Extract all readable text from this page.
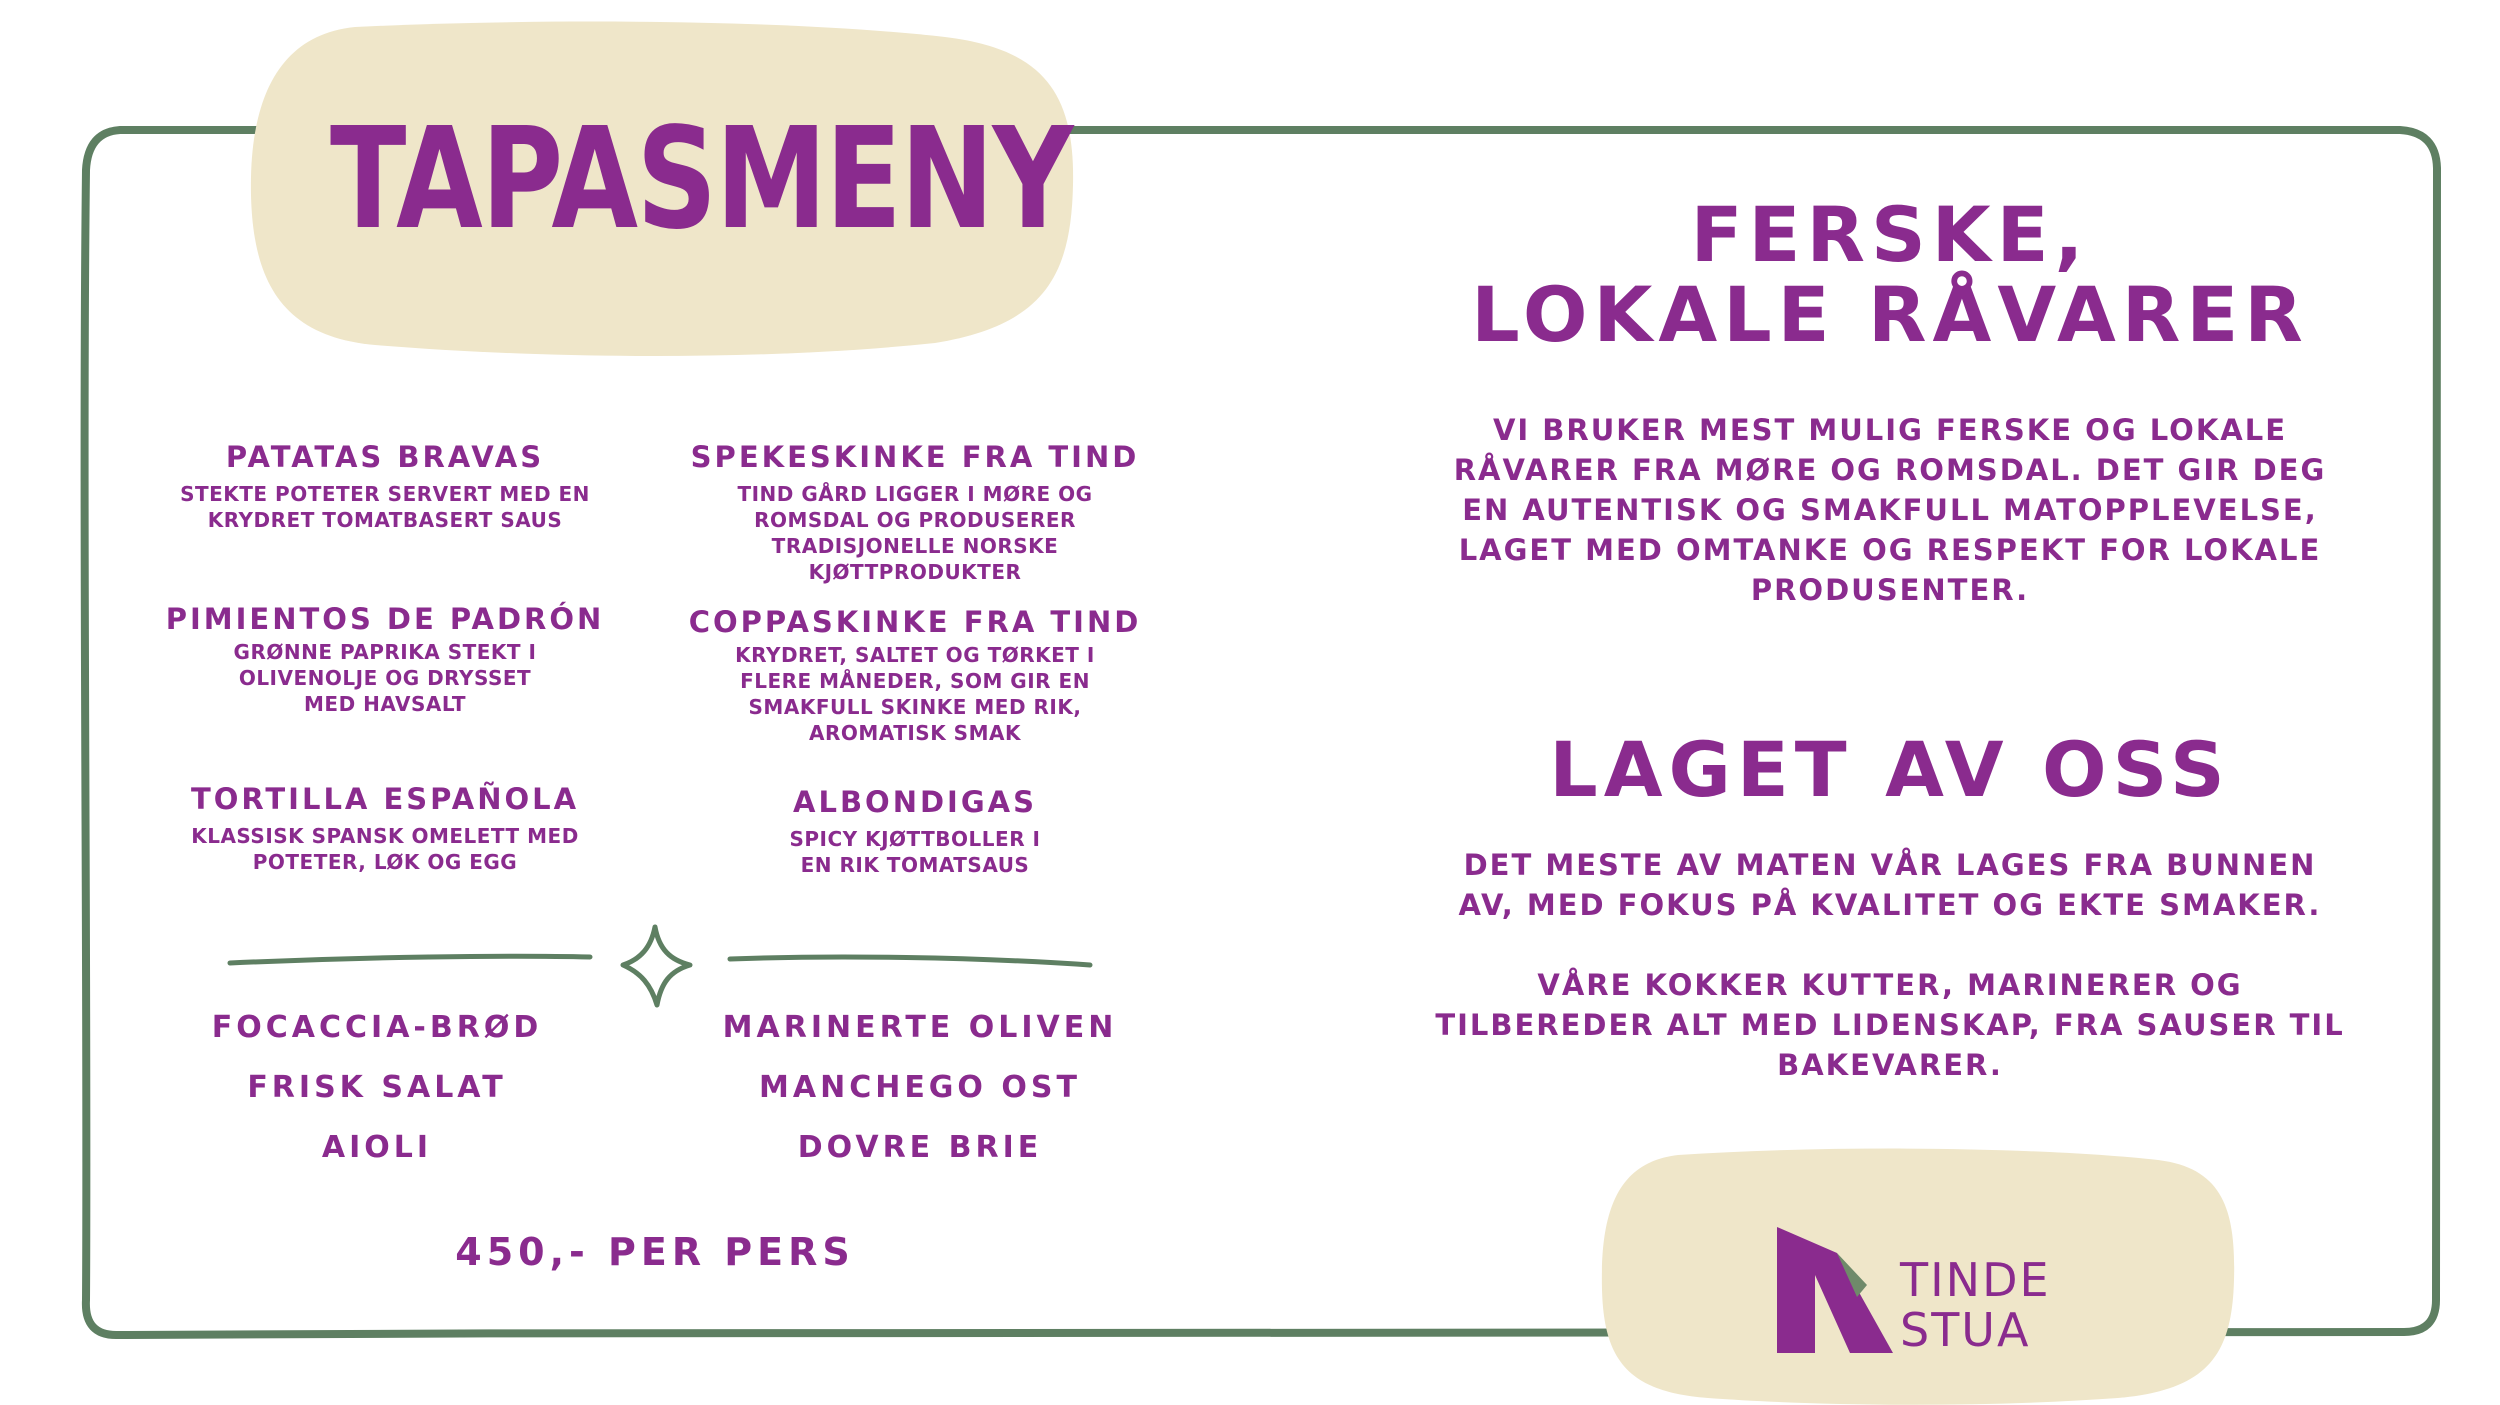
TAPASMENY
PATATAS BRAVAS
STEKTE POTETER SERVERT MED EN KRYDRET TOMATBASERT SAUS
SPEKESKINKE FRA TIND
TIND GÅRD LIGGER I MØRE OG ROMSDAL OG PRODUSERER TRADISJONELLE NORSKE KJØTTPRODUKTER
PIMIENTOS DE PADRÓN
GRØNNE PAPRIKA STEKT I OLIVENOLJE OG DRYSSET MED HAVSALT
COPPASKINKE FRA TIND
KRYDRET, SALTET OG TØRKET I FLERE MÅNEDER, SOM GIR EN SMAKFULL SKINKE MED RIK, AROMATISK SMAK
TORTILLA ESPAÑOLA
KLASSISK SPANSK OMELETT MED POTETER, LØK OG EGG
ALBONDIGAS
SPICY KJØTTBOLLER I EN RIK TOMATSAUS
FOCACCIA-BRØD
FRISK SALAT
AIOLI
MARINERTE OLIVEN
MANCHEGO OST
DOVRE BRIE
450,- PER PERS
FERSKE,
LOKALE RÅVARER
VI BRUKER MEST MULIG FERSKE OG LOKALE RÅVARER FRA MØRE OG ROMSDAL. DET GIR DEG EN AUTENTISK OG SMAKFULL MATOPPLEVELSE, LAGET MED OMTANKE OG RESPEKT FOR LOKALE PRODUSENTER.
LAGET AV OSS
DET MESTE AV MATEN VÅR LAGES FRA BUNNEN AV, MED FOKUS PÅ KVALITET OG EKTE SMAKER.
VÅRE KOKKER KUTTER, MARINERER OG TILBEREDER ALT MED LIDENSKAP, FRA SAUSER TIL BAKEVARER.
TINDE
STUA
